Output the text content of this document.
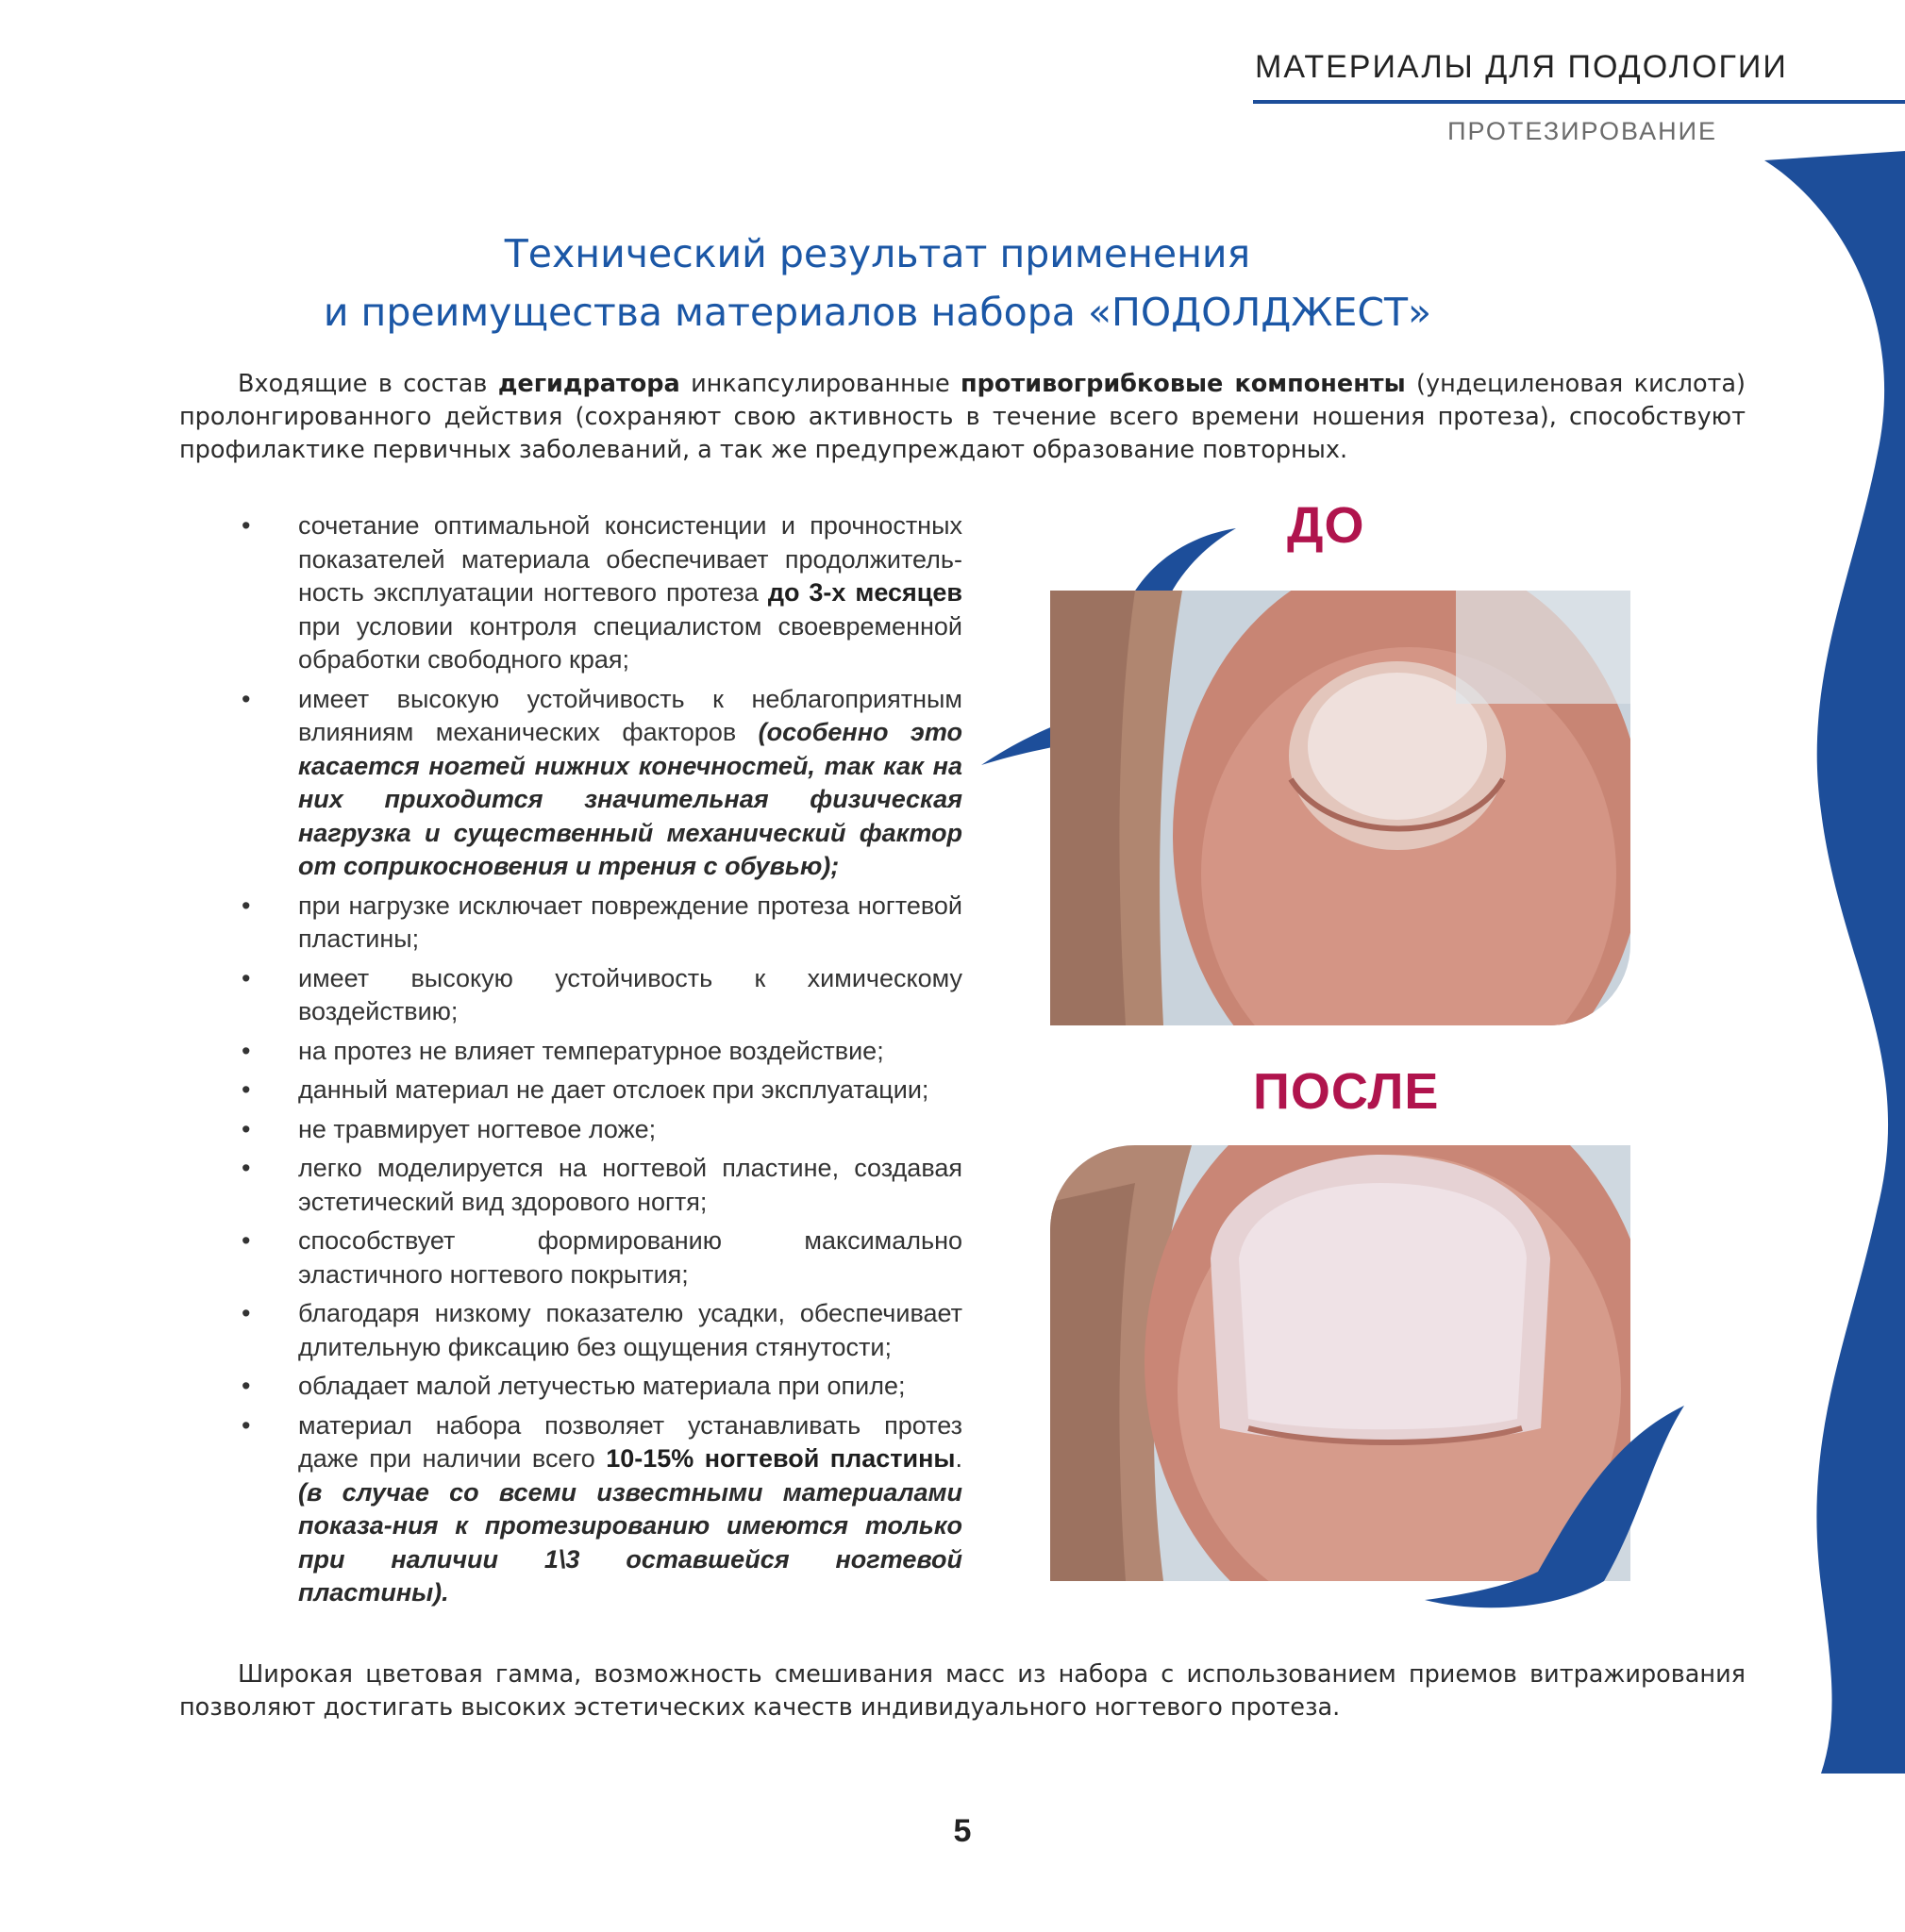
МАТЕРИАЛЫ ДЛЯ ПОДОЛОГИИ
ПРОТЕЗИРОВАНИЕ
Технический результат применения
и преимущества материалов набора «ПОДОЛДЖЕСТ»
Входящие в состав дегидратора инкапсулированные противогрибковые компоненты (ундециленовая кислота) пролонгированного действия (сохраняют свою активность в течение всего времени ношения протеза), способствуют профилактике первичных заболеваний, а так же предупреждают образование повторных.
•	сочетание оптимальной консистенции и прочностных показателей материала обеспечивает продолжитель-ность эксплуатации ногтевого протеза до 3-х месяцев при условии контроля специалистом своевременной обработки свободного края;
•	имеет высокую устойчивость к неблагоприятным влияниям механических факторов (особенно это касается ногтей нижних конечностей, так как на них приходится значительная физическая нагрузка и существенный механический фактор от соприкосновения и трения с обувью);
•	при нагрузке исключает повреждение протеза ногтевой пластины;
•	имеет высокую устойчивость к химическому воздействию;
•	на протез не влияет температурное воздействие;
•	данный материал не дает отслоек при эксплуатации;
•	не травмирует ногтевое ложе;
•	легко моделируется на ногтевой пластине, создавая эстетический вид здорового ногтя;
•	способствует формированию максимально эластичного ногтевого покрытия;
•	благодаря низкому показателю усадки, обеспечивает длительную фиксацию без ощущения стянутости;
•	обладает малой летучестью материала при опиле;
•	материал набора позволяет устанавливать протез даже при наличии всего 10-15% ногтевой пластины. (в случае со всеми известными материалами показа-ния к протезированию имеются только при наличии 1\3 оставшейся ногтевой пластины).
ДО
ПОСЛЕ
Широкая цветовая гамма, возможность смешивания масс из набора с использованием приемов витражирования позволяют достигать высоких эстетических качеств индивидуального ногтевого протеза.
5
